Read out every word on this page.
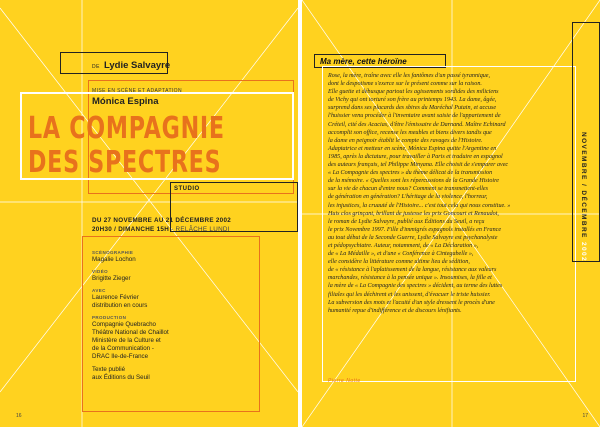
DE Lydie Salvayre
MISE EN SCÈNE ET ADAPTATION
Mónica Espina
LA COMPAGNIE
DES SPECTRES
STUDIO
DU 27 NOVEMBRE AU 21 DÉCEMBRE 2002
20H30 / DIMANCHE 15H - RELÂCHE LUNDI
SCÉNOGRAPHIE
Magalie Lochon
VIDÉO
Brigitte Zieger
AVEC
Laurence Février
distribution en cours
PRODUCTION
Compagnie Quebracho
Théâtre National de Chaillot
Ministère de la Culture et
de la Communication -
DRAC Ile-de-France
Texte publié
aux Éditions du Seuil
16
Ma mère, cette héroïne

Rose, la mère, traîne avec elle les fantômes d'un passé tyrannique,
dont le despotisme s'exerce sur le présent comme sur la raison.
Elle guette et débusque partout les agissements sordides des miliciens
de Vichy qui ont torturé son frère au printemps 1943. La dame, âgée,
surprend dans ses placards des sbires du Maréchal Putain, et accuse
l'huissier venu procéder à l'inventaire avant saisie de l'appartement de
Créteil, cité des Acacias, d'être l'émissaire de Darnand. Maître Echinard
accomplit son office, recense les meubles et biens divers tandis que
la dame en peignoir établit le compte des ravages de l'Histoire.
Adaptatrice et metteur en scène, Mónica Espina quitte l'Argentine en
1985, après la dictature, pour travailler à Paris et traduire en espagnol
des auteurs français, tel Philippe Minyana. Elle choisit de s'emparer avec
« La Compagnie des spectres » du thème délicat de la transmission
de la mémoire. « Quelles sont les répercussions de la Grande Histoire
sur la vie de chacun d'entre nous? Comment se transmettent-elles
de génération en génération? L'héritage de la violence, l'horreur,
les injustices, la cruauté de l'Histoire... c'est tout cela qui nous constitue. »
Huis clos grinçant, brillant de justesse les prix Goncourt et Renaudot,
le roman de Lydie Salvayre, publié aux Éditions du Seuil, a reçu
le prix Novembre 1997. Fille d'immigrés espagnols installés en France
au tout début de la Seconde Guerre, Lydie Salvayre est psychanalyste
et pédopsychiatre. Auteur, notamment, de « La Déclaration »,
de « La Médaille », et d'une « Conférence à Cintegabelle »,
elle considère la littérature comme ultime lieu de sédition,
de « résistance à l'aplatissement de la langue, résistance aux valeurs
marchandes, résistance à la pensée unique ». Insoumises, la fille et
la mère de « La Compagnie des spectres » décident, au terme des luttes
filiales qui les déchirent et les unissent, d'évacuer le triste huissier.
La subversion des mots et l'acuité d'un style dressent le procès d'une
humanité repue d'indifférence et de discours lénifiants.

Pierre Notte
NOVEMBRE / DÉCEMBRE 2002
17
